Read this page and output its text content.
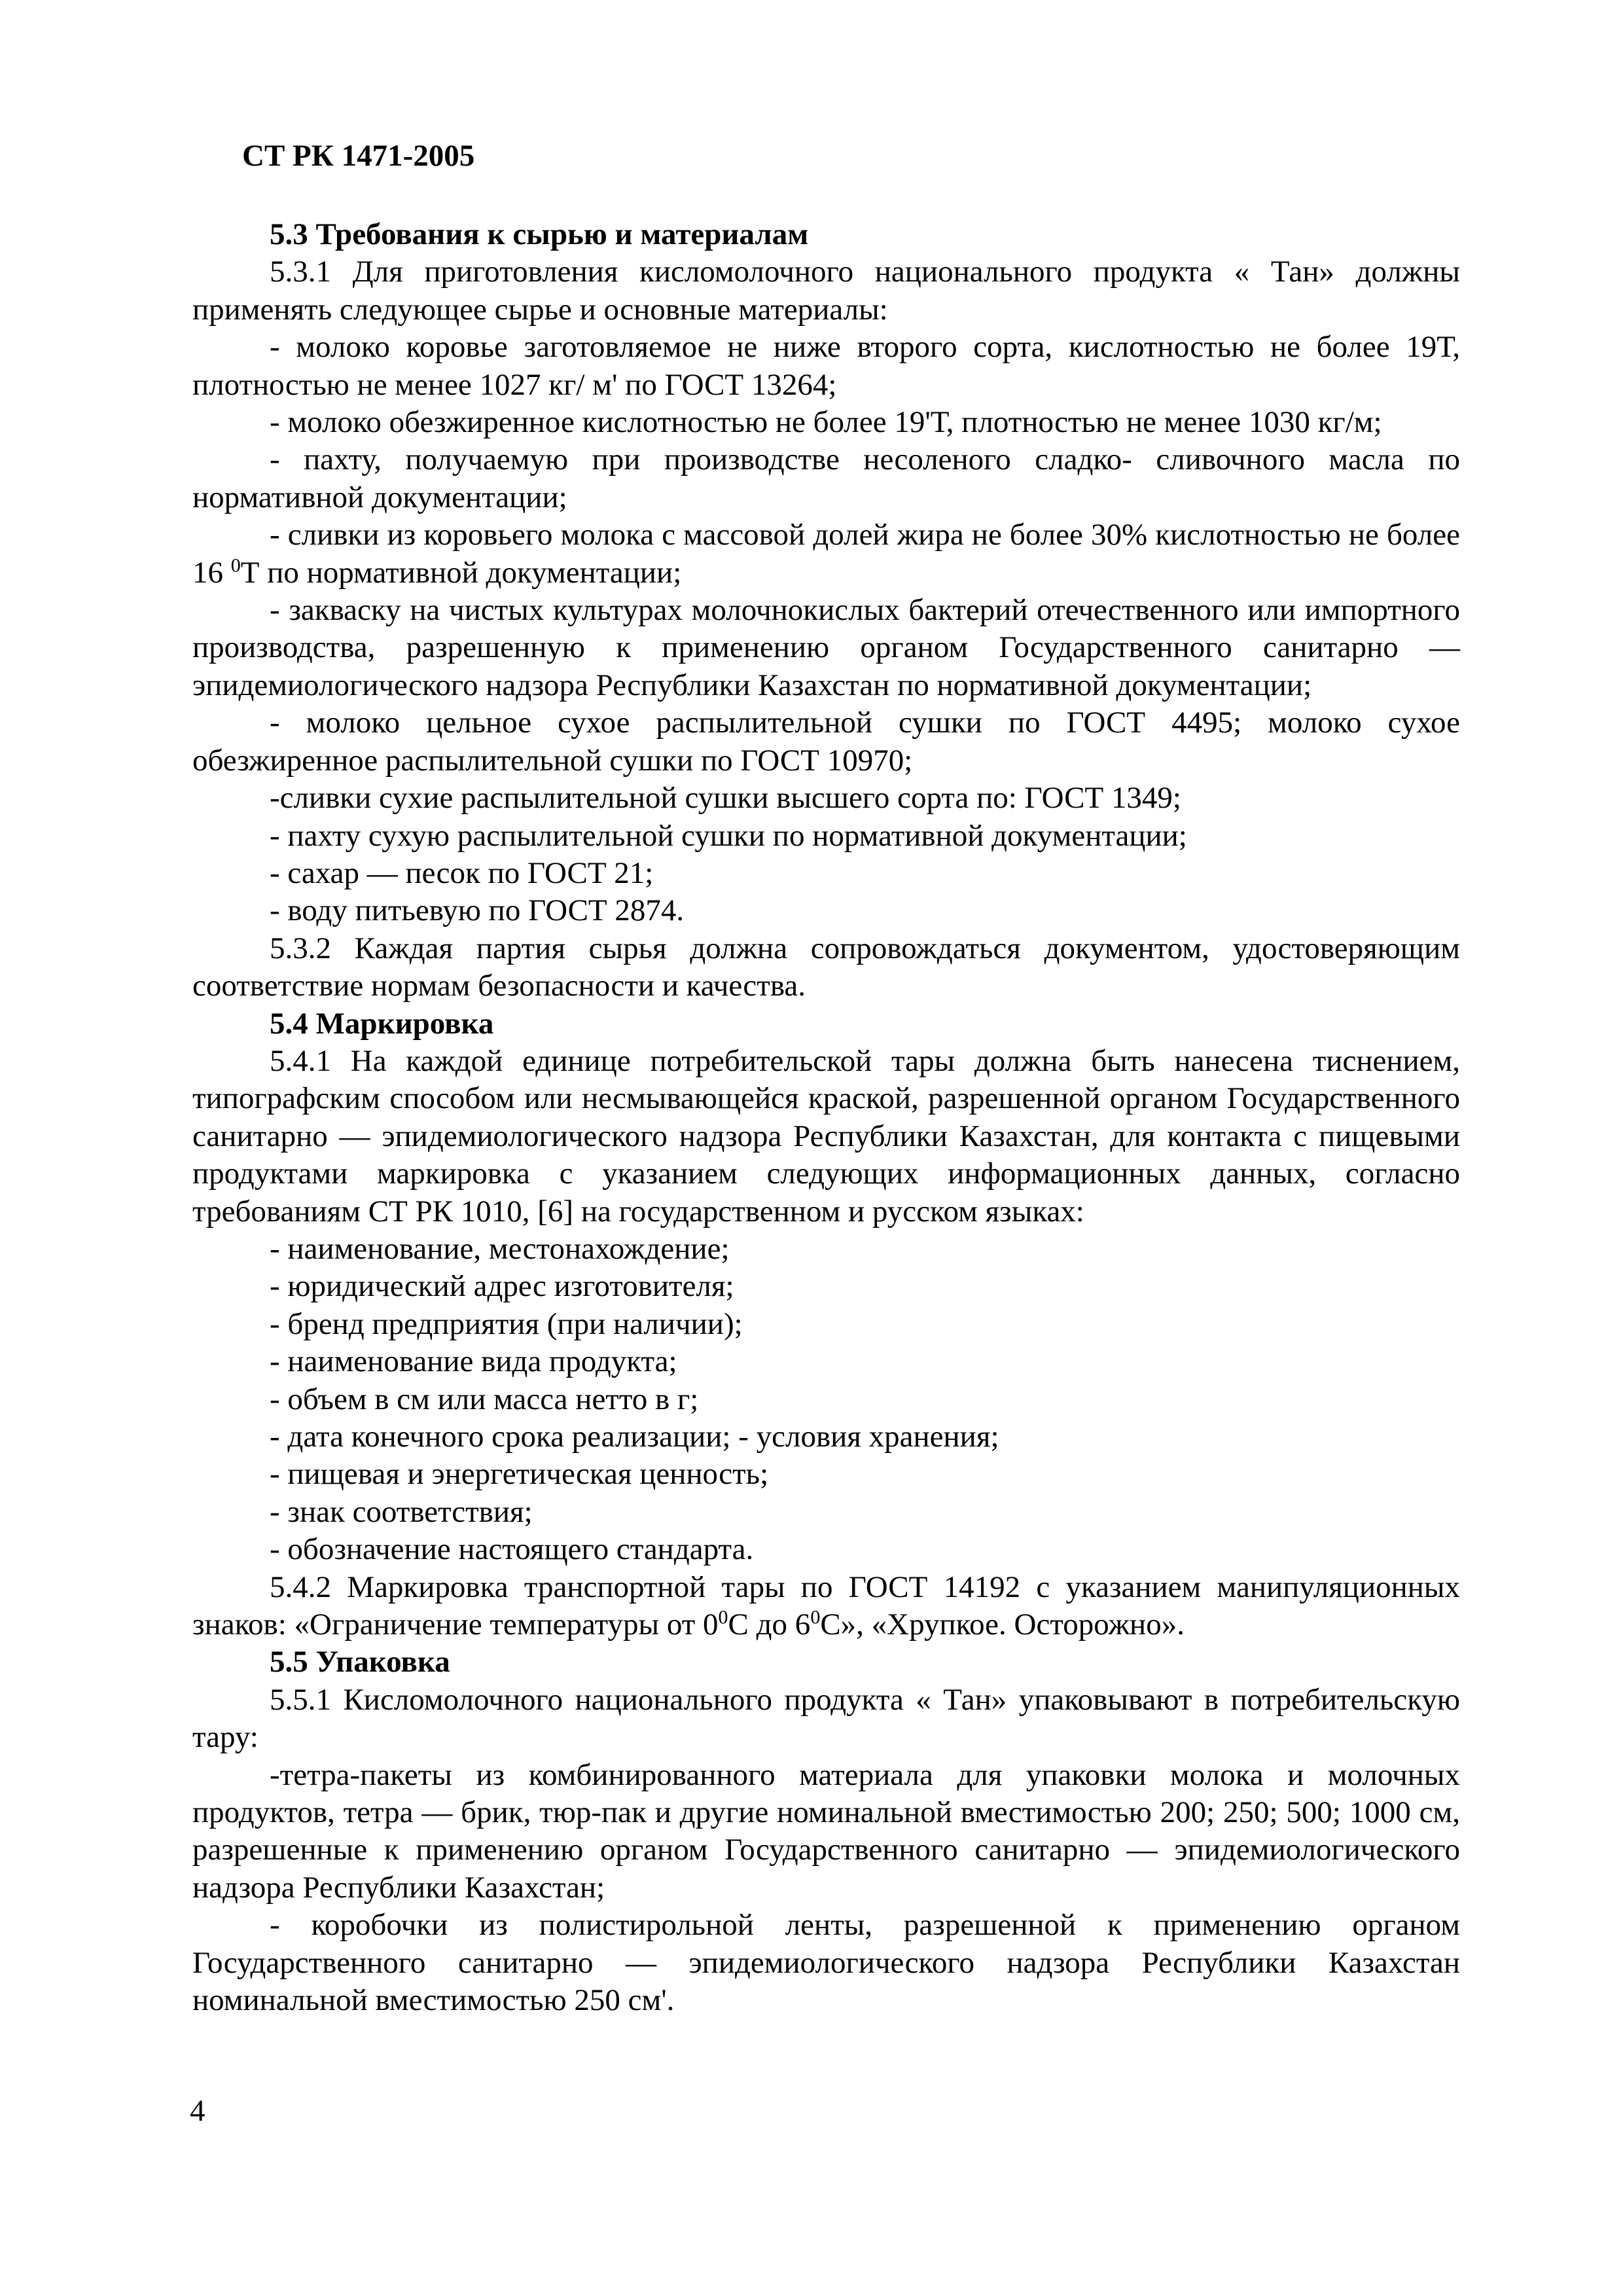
СТ РК 1471-2005

5.3 Требования к сырью и материалам

5.3.1 Для приготовления кисломолочного национального продукта « Тан» должны применять следующее сырье и основные материалы:

- молоко коровье заготовляемое не ниже второго сорта, кислотностью не более 19Т, плотностью не менее 1027 кг/ м' по ГОСТ 13264;

- молоко обезжиренное кислотностью не более 19'Т, плотностью не менее 1030 кг/м;

- пахту, получаемую при производстве несоленого сладко- сливочного масла по нормативной документации;

- сливки из коровьего молока с массовой долей жира не более 30% кислотностью не более 16 $^0$Т по нормативной документации;

- закваску на чистых культурах молочнокислых бактерий отечественного или импортного производства, разрешенную к применению органом Государственного санитарно — эпидемиологического надзора Республики Казахстан по нормативной документации;

- молоко цельное сухое распылительной сушки по ГОСТ 4495; молоко сухое обезжиренное распылительной сушки по ГОСТ 10970;

-сливки сухие распылительной сушки высшего сорта по: ГОСТ 1349;

- пахту сухую распылительной сушки по нормативной документации;

- сахар — песок по ГОСТ 21;

- воду питьевую по ГОСТ 2874.

5.3.2 Каждая партия сырья должна сопровождаться документом, удостоверяющим соответствие нормам безопасности и качества.

5.4 Маркировка

5.4.1 На каждой единице потребительской тары должна быть нанесена тиснением, типографским способом или несмывающейся краской, разрешенной органом Государственного санитарно — эпидемиологического надзора Республики Казахстан, для контакта с пищевыми продуктами маркировка с указанием следующих информационных данных, согласно требованиям СТ РК 1010, [6] на государственном и русском языках:

- наименование, местонахождение;

- юридический адрес изготовителя;

- бренд предприятия (при наличии);

- наименование вида продукта;

- объем в см или масса нетто в г;

- дата конечного срока реализации; - условия хранения;

- пищевая и энергетическая ценность;

- знак соответствия;

- обозначение настоящего стандарта.

5.4.2 Маркировка транспортной тары по ГОСТ 14192 с указанием манипуляционных знаков: «Ограничение температуры от $0^0С$ до $6^0С$», «Хрупкое. Осторожно».

5.5 Упаковка

5.5.1 Кисломолочного национального продукта « Тан» упаковывают в потребительскую тару:

-тетра-пакеты из комбинированного материала для упаковки молока и молочных продуктов, тетра — брик, тюр-пак и другие номинальной вместимостью 200; 250; 500; 1000 см, разрешенные к применению органом Государственного санитарно — эпидемиологического надзора Республики Казахстан;

- коробочки из полистирольной ленты, разрешенной к применению органом Государственного санитарно — эпидемиологического надзора Республики Казахстан номинальной вместимостью 250 см'.

4
